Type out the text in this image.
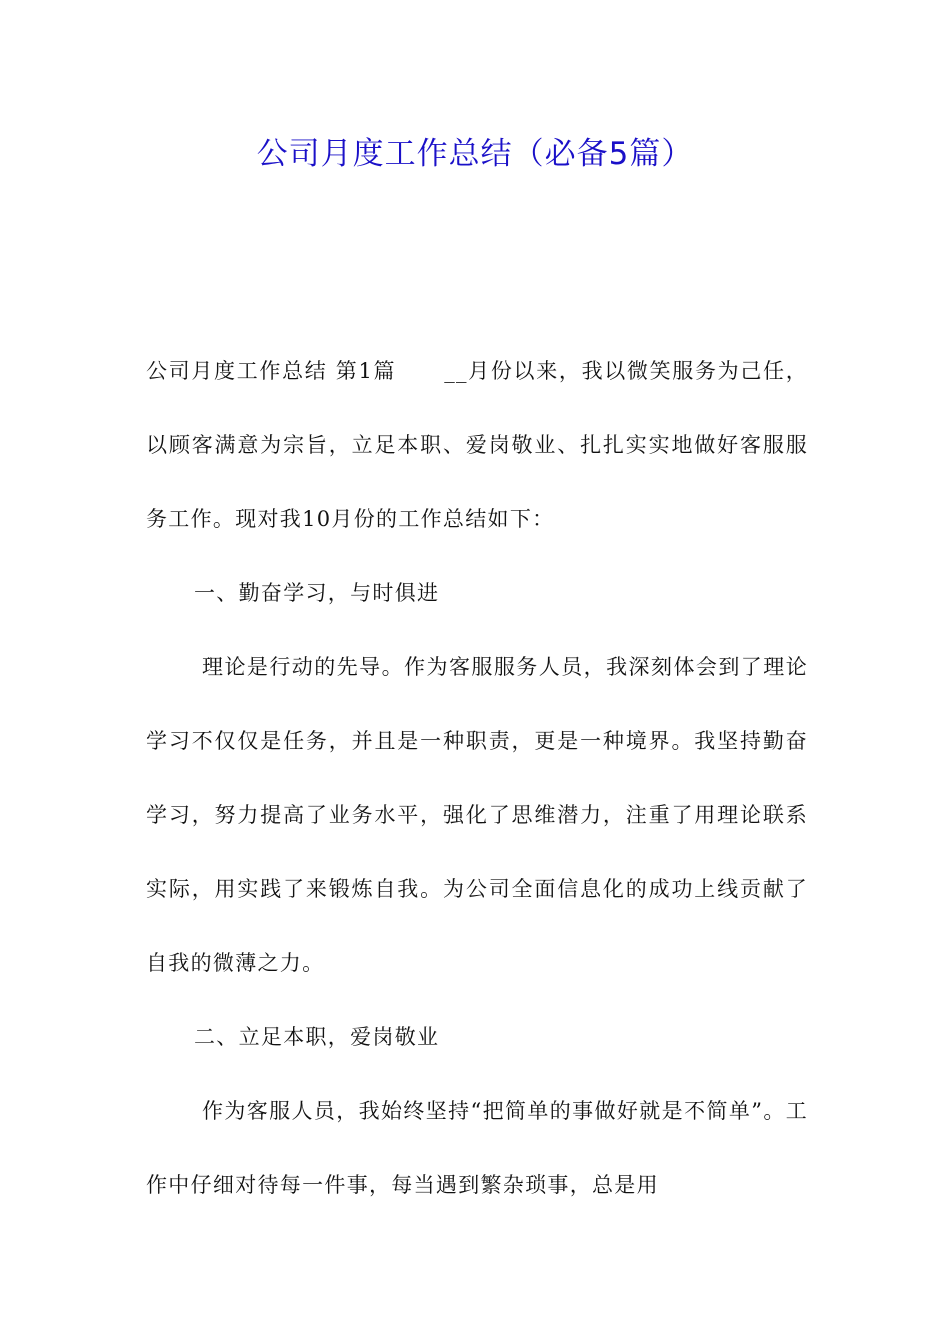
公司月度工作总结（必备5篇）

公司月度工作总结 第1篇 __月份以来，我以微笑服务为己任，以顾客满意为宗旨，立足本职、爱岗敬业、扎扎实实地做好客服服务工作。现对我10月份的工作总结如下：

一、勤奋学习，与时俱进

理论是行动的先导。作为客服服务人员，我深刻体会到了理论学习不仅仅是任务，并且是一种职责，更是一种境界。我坚持勤奋学习，努力提高了业务水平，强化了思维潜力，注重了用理论联系实际，用实践了来锻炼自我。为公司全面信息化的成功上线贡献了自我的微薄之力。

二、立足本职，爱岗敬业

作为客服人员，我始终坚持“把简单的事做好就是不简单”。工作中仔细对待每一件事，每当遇到繁杂琐事，总是用
